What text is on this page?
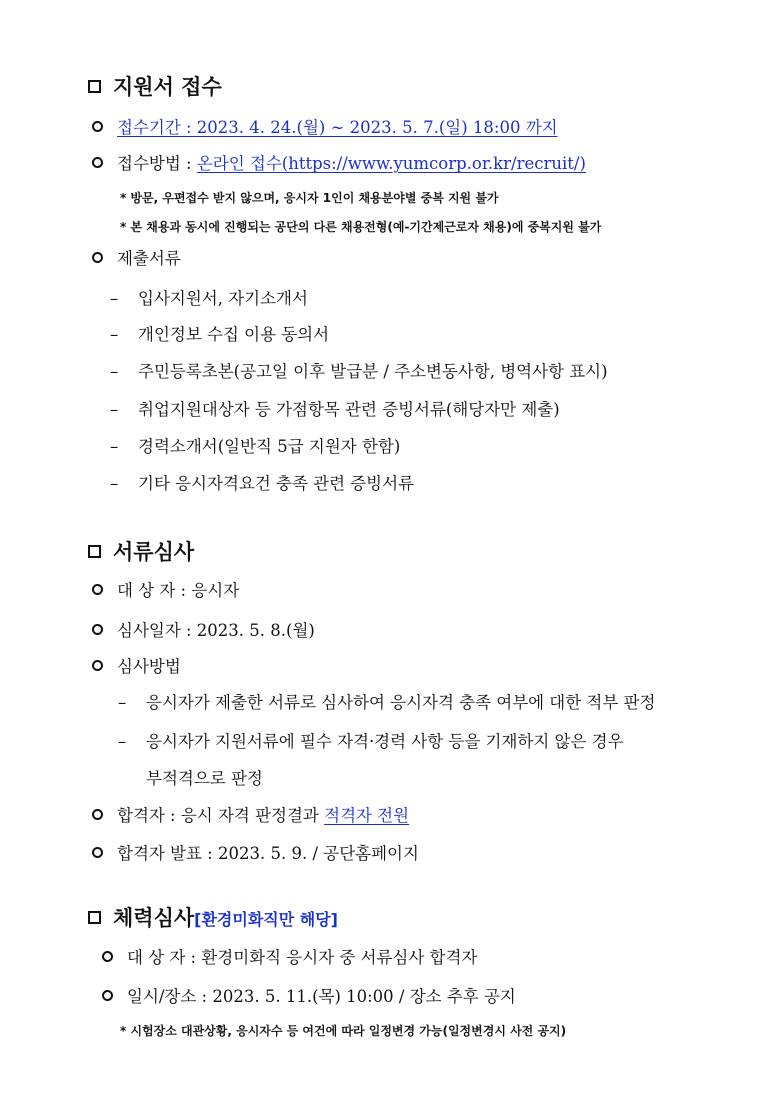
지원서 접수
접수기간 : 2023. 4. 24.(월) ∼ 2023. 5. 7.(일) 18:00 까지
접수방법 : 온라인 접수(https://www.yumcorp.or.kr/recruit/)
* 방문, 우편접수 받지 않으며, 응시자 1인이 채용분야별 중복 지원 불가
* 본 채용과 동시에 진행되는 공단의 다른 채용전형(예-기간제근로자 채용)에 중복지원 불가
제출서류
– 입사지원서, 자기소개서
– 개인정보 수집 이용 동의서
– 주민등록초본(공고일 이후 발급분 / 주소변동사항, 병역사항 표시)
– 취업지원대상자 등 가점항목 관련 증빙서류(해당자만 제출)
– 경력소개서(일반직 5급 지원자 한함)
– 기타 응시자격요건 충족 관련 증빙서류
서류심사
대 상 자 : 응시자
심사일자 : 2023. 5. 8.(월)
심사방법
– 응시자가 제출한 서류로 심사하여 응시자격 충족 여부에 대한 적부 판정
– 응시자가 지원서류에 필수 자격·경력 사항 등을 기재하지 않은 경우
부적격으로 판정
합격자 : 응시 자격 판정결과 적격자 전원
합격자 발표 : 2023. 5. 9. / 공단홈페이지
체력심사[환경미화직만 해당]
대 상 자 : 환경미화직 응시자 중 서류심사 합격자
일시/장소 : 2023. 5. 11.(목) 10:00 / 장소 추후 공지
* 시험장소 대관상황, 응시자수 등 여건에 따라 일정변경 가능(일정변경시 사전 공지)
